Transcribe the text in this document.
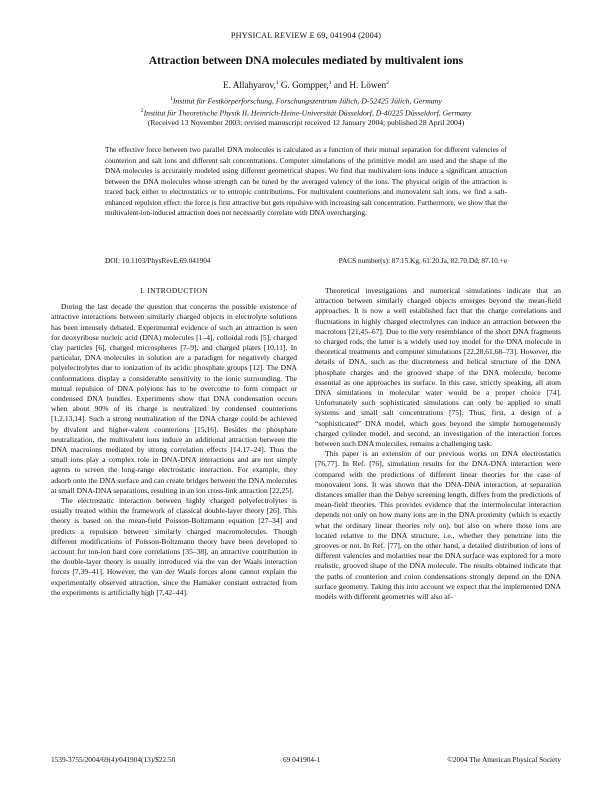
PHYSICAL REVIEW E 69, 041904 (2004)
Attraction between DNA molecules mediated by multivalent ions
E. Allahyarov,$^1$ G. Gompper,$^1$ and H. Löwen$^2$
$^1$Institut für Festkörperforschung, Forschungszentrum Jülich, D-52425 Jülich, Germany
$^2$Institut für Theoretische Physik II, Heinrich-Heine-Universität Düsseldorf, D-40225 Düsseldorf, Germany
(Received 13 November 2003; revised manuscript received 12 January 2004; published 28 April 2004)

The effective force between two parallel DNA molecules is calculated as a function of their mutual separation for different valencies of counterion and salt ions and different salt concentrations. Computer simulations of the primitive model are used and the shape of the DNA molecules is accurately modeled using different geometrical shapes. We find that multivalent ions induce a significant attraction between the DNA molecules whose strength can be tuned by the averaged valency of the ions. The physical origin of the attraction is traced back either to electrostatics or to entropic contributions. For multivalent counterions and monovalent salt ions, we find a salt-enhanced repulsion effect: the force is first attractive but gets repulsive with increasing salt concentration. Furthermore, we show that the multivalent-ion-induced attraction does not necessarily correlate with DNA overcharging.

DOI: 10.1103/PhysRevE.69.041904	PACS number(s): 87.15.Kg, 61.20.Ja, 82.70.Dd, 87.10.+e
I. INTRODUCTION

During the last decade the question that concerns the possible existence of attractive interactions between similarly charged objects in electrolyte solutions has been intensely debated. Experimental evidence of such an attraction is seen for deoxyribose nucleic acid (DNA) molecules [1–4], colloidal rods [5], charged clay particles [6], charged microspheres [7–9], and charged plates [10,11]. In particular, DNA molecules in solution are a paradigm for negatively charged polyelectrolytes due to ionization of its acidic phosphate groups [12]. The DNA conformations display a considerable sensitivity to the ionic surrounding. The mutual repulsion of DNA polyions has to be overcome to form compact or condensed DNA bundles. Experiments show that DNA condensation occurs when about 90% of its charge is neutralized by condensed counterions [1,2,13,14]. Such a strong neutralization of the DNA charge could be achieved by divalent and higher-valent counterions [15,16]. Besides the phosphate neutralization, the multivalent ions induce an additional attraction between the DNA macroions mediated by strong correlation effects [14,17–24]. Thus the small ions play a complex role in DNA-DNA interactions and are not simply agents to screen the long-range electrostatic interaction. For example, they adsorb onto the DNA surface and can create bridges between the DNA molecules at small DNA-DNA separations, resulting in an ion cross-link attraction [22,25].

The electrostatic interaction between highly charged polyelectrolytes is usually treated within the framework of classical double-layer theory [26]. This theory is based on the mean-field Poisson-Boltzmann equation [27–34] and predicts a repulsion between similarly charged macromolecules. Though different modifications of Poisson-Boltzmann theory have been developed to account for ion-ion hard core correlations [35–38], an attractive contribution in the double-layer theory is usually introduced via the van der Waals interaction forces [7,39–41]. However, the van der Waals forces alone cannot explain the experimentally observed attraction, since the Hamaker constant extracted from the experiments is artificially high [7,42–44].

Theoretical investigations and numerical simulations indicate that an attraction between similarly charged objects emerges beyond the mean-field approaches. It is now a well established fact that the charge correlations and fluctuations in highly charged electrolytes can induce an attraction between the macroions [21,45–67]. Due to the very resemblance of the short DNA fragments to charged rods, the latter is a widely used toy model for the DNA molecule in theoretical treatments and computer simulations [22,28,61,68–73]. However, the details of DNA, such as the discreteness and helical structure of the DNA phosphate charges and the grooved shape of the DNA molecule, become essential as one approaches its surface. In this case, strictly speaking, all atom DNA simulations in molecular water would be a proper choice [74]. Unfortunately such sophisticated simulations can only be applied to small systems and small salt concentrations [75]. Thus, first, a design of a “sophisticated” DNA model, which goes beyond the simple homogeneously charged cylinder model, and second, an investigation of the interaction forces between such DNA molecules, remains a challenging task.

This paper is an extension of our previous works on DNA electrostatics [76,77]. In Ref. [76], simulation results for the DNA-DNA interaction were compared with the predictions of different linear theories for the case of monovalent ions. It was shown that the DNA-DNA interaction, at separation distances smaller than the Debye screening length, differs from the predictions of mean-field theories. This provides evidence that the intermolecular interaction depends not only on how many ions are in the DNA proximity (which is exactly what the ordinary linear theories rely on), but also on where those ions are located relative to the DNA structure, i.e., whether they penetrate into the grooves or not. In Ref. [77], on the other hand, a detailed distribution of ions of different valencies and molarities near the DNA surface was explored for a more realistic, grooved shape of the DNA molecule. The results obtained indicate that the paths of counterion and coion condensations strongly depend on the DNA surface geometry. Taking this into account we expect that the implemented DNA models with different geometries will also af-

1539-3755/2004/69(4)/041904(13)/$22.50	69 041904-1	©2004 The American Physical Society
